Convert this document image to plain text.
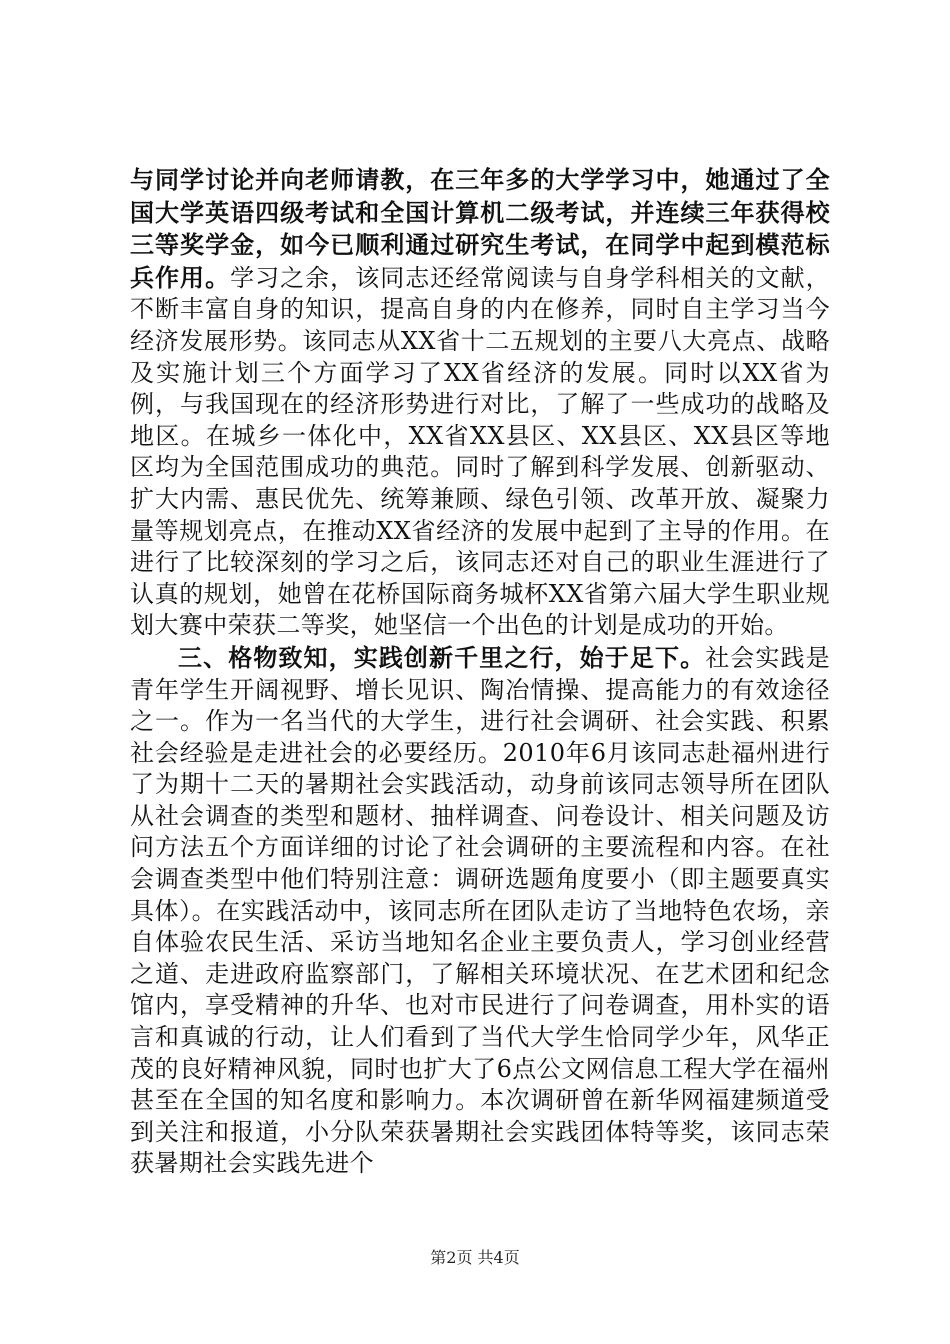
与同学讨论并向老师请教，在三年多的大学学习中，她通过了全国大学英语四级考试和全国计算机二级考试，并连续三年获得校三等奖学金，如今已顺利通过研究生考试，在同学中起到模范标兵作用。学习之余，该同志还经常阅读与自身学科相关的文献，不断丰富自身的知识，提高自身的内在修养，同时自主学习当今经济发展形势。该同志从XX省十二五规划的主要八大亮点、战略及实施计划三个方面学习了XX省经济的发展。同时以XX省为例，与我国现在的经济形势进行对比，了解了一些成功的战略及地区。在城乡一体化中，XX省XX县区、XX县区、XX县区等地区均为全国范围成功的典范。同时了解到科学发展、创新驱动、扩大内需、惠民优先、统筹兼顾、绿色引领、改革开放、凝聚力量等规划亮点，在推动XX省经济的发展中起到了主导的作用。在进行了比较深刻的学习之后，该同志还对自己的职业生涯进行了认真的规划，她曾在花桥国际商务城杯XX省第六届大学生职业规划大赛中荣获二等奖，她坚信一个出色的计划是成功的开始。

三、格物致知，实践创新千里之行，始于足下。社会实践是青年学生开阔视野、增长见识、陶冶情操、提高能力的有效途径之一。作为一名当代的大学生，进行社会调研、社会实践、积累社会经验是走进社会的必要经历。2010年6月该同志赴福州进行了为期十二天的暑期社会实践活动，动身前该同志领导所在团队从社会调查的类型和题材、抽样调查、问卷设计、相关问题及访问方法五个方面详细的讨论了社会调研的主要流程和内容。在社会调查类型中他们特别注意：调研选题角度要小（即主题要真实具体）。在实践活动中，该同志所在团队走访了当地特色农场，亲自体验农民生活、采访当地知名企业主要负责人，学习创业经营之道、走进政府监察部门，了解相关环境状况、在艺术团和纪念馆内，享受精神的升华、也对市民进行了问卷调查，用朴实的语言和真诚的行动，让人们看到了当代大学生恰同学少年，风华正茂的良好精神风貌，同时也扩大了6点公文网信息工程大学在福州甚至在全国的知名度和影响力。本次调研曾在新华网福建频道受到关注和报道，小分队荣获暑期社会实践团体特等奖，该同志荣获暑期社会实践先进个

第2页 共4页
